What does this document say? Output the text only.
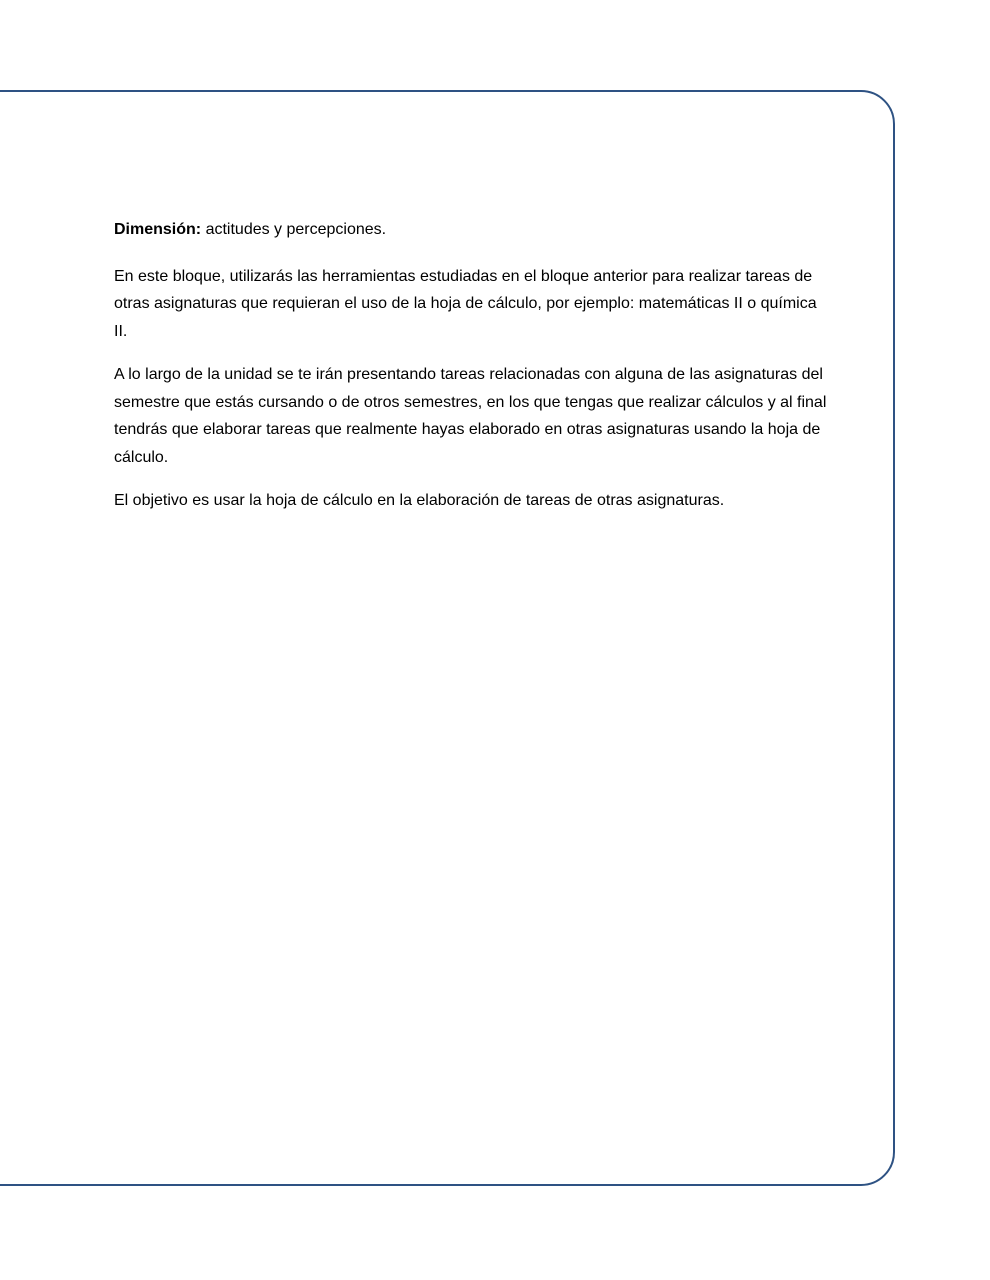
Dimensión: actitudes y percepciones.

En este bloque, utilizarás las herramientas estudiadas en el bloque anterior para realizar tareas de otras asignaturas que requieran el uso de la hoja de cálculo, por ejemplo: matemáticas II o química II.

A lo largo de la unidad se te irán presentando tareas relacionadas con alguna de las asignaturas del semestre que estás cursando o de otros semestres, en los que tengas que realizar cálculos y al final tendrás que elaborar tareas que realmente hayas elaborado en otras asignaturas usando la hoja de cálculo.

El objetivo es usar la hoja de cálculo en la elaboración de tareas de otras asignaturas.
